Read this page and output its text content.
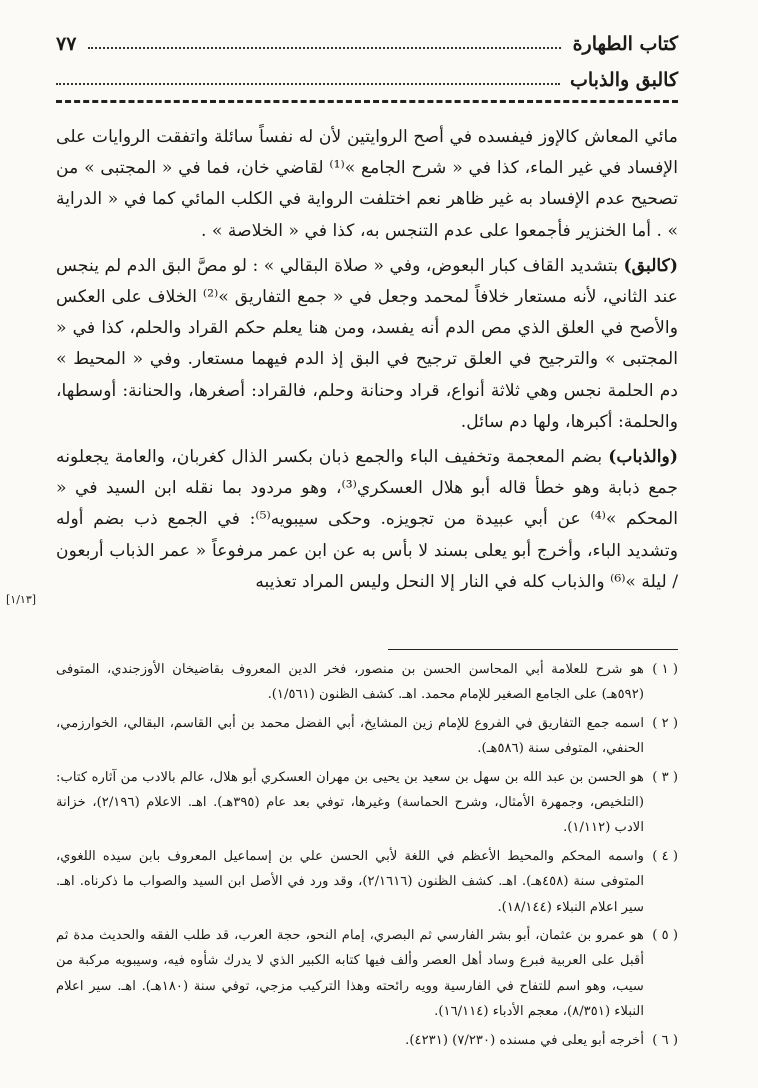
كتاب الطهارة
٧٧
كالبق والذباب

مائي المعاش كالإوز فيفسده في أصح الروايتين لأن له نفساً سائلة واتفقت الروايات على الإفساد في غير الماء، كذا في « شرح الجامع »⁽¹⁾ لقاضي خان، فما في « المجتبى » من تصحيح عدم الإفساد به غير ظاهر نعم اختلفت الرواية في الكلب المائي كما في « الدراية » . أما الخنزير فأجمعوا على عدم التنجس به، كذا في « الخلاصة » .

(كالبق) بتشديد القاف كبار البعوض، وفي « صلاة البقالي » : لو مصَّ البق الدم لم ينجس عند الثاني، لأنه مستعار خلافاً لمحمد وجعل في « جمع التفاريق »⁽²⁾ الخلاف على العكس والأصح في العلق الذي مص الدم أنه يفسد، ومن هنا يعلم حكم القراد والحلم، كذا في « المجتبى » والترجيح في العلق ترجيح في البق إذ الدم فيهما مستعار. وفي « المحيط » دم الحلمة نجس وهي ثلاثة أنواع، قراد وحنانة وحلم، فالقراد: أصغرها، والحنانة: أوسطها، والحلمة: أكبرها، ولها دم سائل.

(والذباب) بضم المعجمة وتخفيف الباء والجمع ذبان بكسر الذال كغربان، والعامة يجعلونه جمع ذبابة وهو خطأ قاله أبو هلال العسكري⁽³⁾، وهو مردود بما نقله ابن السيد في « المحكم »⁽⁴⁾ عن أبي عبيدة من تجويزه. وحكى سيبويه⁽⁵⁾: في الجمع ذب بضم أوله وتشديد الباء، وأخرج أبو يعلى بسند لا بأس به عن ابن عمر مرفوعاً « عمر الذباب أربعون / ليلة »⁽⁶⁾ والذباب كله في النار إلا النحل وليس المراد تعذيبه

[١/١٣]
( ١ )
هو شرح للعلامة أبي المحاسن الحسن بن منصور، فخر الدين المعروف بقاضيخان الأوزجندي، المتوفى (٥٩٢هـ) على الجامع الصغير للإمام محمد. اهـ. كشف الظنون (١/٥٦١).
( ٢ )
اسمه جمع التفاريق في الفروع للإمام زين المشايخ، أبي الفضل محمد بن أبي القاسم، البقالي، الخوارزمي، الحنفي، المتوفى سنة (٥٨٦هـ).
( ٣ )
هو الحسن بن عبد الله بن سهل بن سعيد بن يحيى بن مهران العسكري أبو هلال، عالم بالادب من آثاره كتاب: (التلخيص، وجمهرة الأمثال، وشرح الحماسة) وغيرها، توفي بعد عام (٣٩٥هـ). اهـ. الاعلام (٢/١٩٦)، خزانة الادب (١/١١٢).
( ٤ )
واسمه المحكم والمحيط الأعظم في اللغة لأبي الحسن علي بن إسماعيل المعروف بابن سيده اللغوي، المتوفى سنة (٤٥٨هـ). اهـ. كشف الظنون (٢/١٦١٦)، وقد ورد في الأصل ابن السيد والصواب ما ذكرناه. اهـ. سير اعلام النبلاء (١٨/١٤٤).
( ٥ )
هو عمرو بن عثمان، أبو بشر الفارسي ثم البصري، إمام النحو، حجة العرب، قد طلب الفقه والحديث مدة ثم أقبل على العربية فبرع وساد أهل العصر وألف فيها كتابه الكبير الذي لا يدرك شأوه فيه، وسيبويه مركبة من سيب، وهو اسم للتفاح في الفارسية وويه رائحته وهذا التركيب مزجي، توفي سنة (١٨٠هـ). اهـ. سير اعلام النبلاء (٨/٣٥١)، معجم الأدباء (١٦/١١٤).
( ٦ )
أخرجه أبو يعلى في مسنده (٧/٢٣٠) (٤٢٣١).
